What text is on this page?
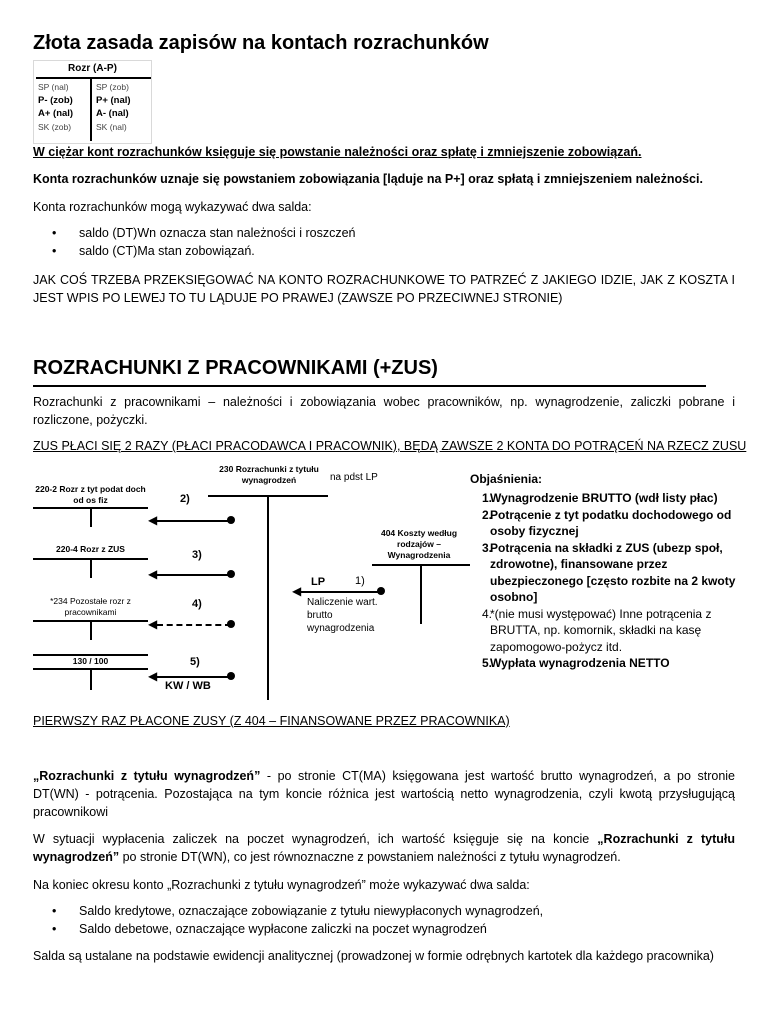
Złota zasada zapisów na kontach rozrachunków
Rozr (A-P)
SP (nal)
P- (zob)
A+ (nal)
SK (zob)
SP (zob)
P+ (nal)
A- (nal)
SK (nal)
W ciężar kont rozrachunków księguje się powstanie należności oraz spłatę i zmniejszenie zobowiązań.
Konta rozrachunków uznaje się powstaniem zobowiązania [ląduje na P+] oraz spłatą i zmniejszeniem należności.
Konta rozrachunków mogą wykazywać dwa salda:
• saldo (DT)Wn oznacza stan należności i roszczeń
• saldo (CT)Ma stan zobowiązań.
JAK COŚ TRZEBA PRZEKSIĘGOWAĆ NA KONTO ROZRACHUNKOWE TO PATRZEĆ Z JAKIEGO IDZIE, JAK Z KOSZTA I JEST WPIS PO LEWEJ TO TU LĄDUJE PO PRAWEJ (ZAWSZE PO PRZECIWNEJ STRONIE)
ROZRACHUNKI Z PRACOWNIKAMI (+ZUS)
Rozrachunki z pracownikami – należności i zobowiązania wobec pracowników, np. wynagrodzenie, zaliczki pobrane i rozliczone, pożyczki.
ZUS PŁACI SIĘ 2 RAZY (PŁACI PRACODAWCA I PRACOWNIK), BĘDĄ ZAWSZE 2 KONTA DO POTRĄCEŃ NA RZECZ ZUSU
230 Rozrachunki z tytułu wynagrodzeń	na pdst LP
220-2 Rozr z tyt podat doch od os fiz
220-4 Rozr z ZUS
*234 Pozostałe rozr z pracownikami
130 / 100
404 Koszty według rodzajów – Wynagrodzenia
◀
LP	1)
Naliczenie wart. brutto wynagrodzenia
◀
2)
◀
3)
◀
4)
◀
5)
KW / WB
Objaśnienia:
1.
Wynagrodzenie BRUTTO (wdł listy płac)
2.
Potrącenie z tyt podatku dochodowego od osoby fizycznej
3.
Potrącenia na składki z ZUS (ubezp społ, zdrowotne), finansowane przez ubezpieczonego [często rozbite na 2 kwoty osobno]
4.
*(nie musi występować) Inne potrącenia z BRUTTA, np. komornik, składki na kasę zapomogowo-pożycz itd.
5.
Wypłata wynagrodzenia NETTO
PIERWSZY RAZ PŁACONE ZUSY (Z 404 – FINANSOWANE PRZEZ PRACOWNIKA)
„Rozrachunki z tytułu wynagrodzeń” - po stronie CT(MA) księgowana jest wartość brutto wynagrodzeń, a po stronie DT(WN) - potrącenia. Pozostająca na tym koncie różnica jest wartością netto wynagrodzenia, czyli kwotą przysługującą pracownikowi
W sytuacji wypłacenia zaliczek na poczet wynagrodzeń, ich wartość księguje się na koncie „Rozrachunki z tytułu wynagrodzeń” po stronie DT(WN), co jest równoznaczne z powstaniem należności z tytułu wynagrodzeń.
Na koniec okresu konto „Rozrachunki z tytułu wynagrodzeń” może wykazywać dwa salda:
• Saldo kredytowe, oznaczające zobowiązanie z tytułu niewypłaconych wynagrodzeń,
• Saldo debetowe, oznaczające wypłacone zaliczki na poczet wynagrodzeń
Salda są ustalane na podstawie ewidencji analitycznej (prowadzonej w formie odrębnych kartotek dla każdego pracownika)
